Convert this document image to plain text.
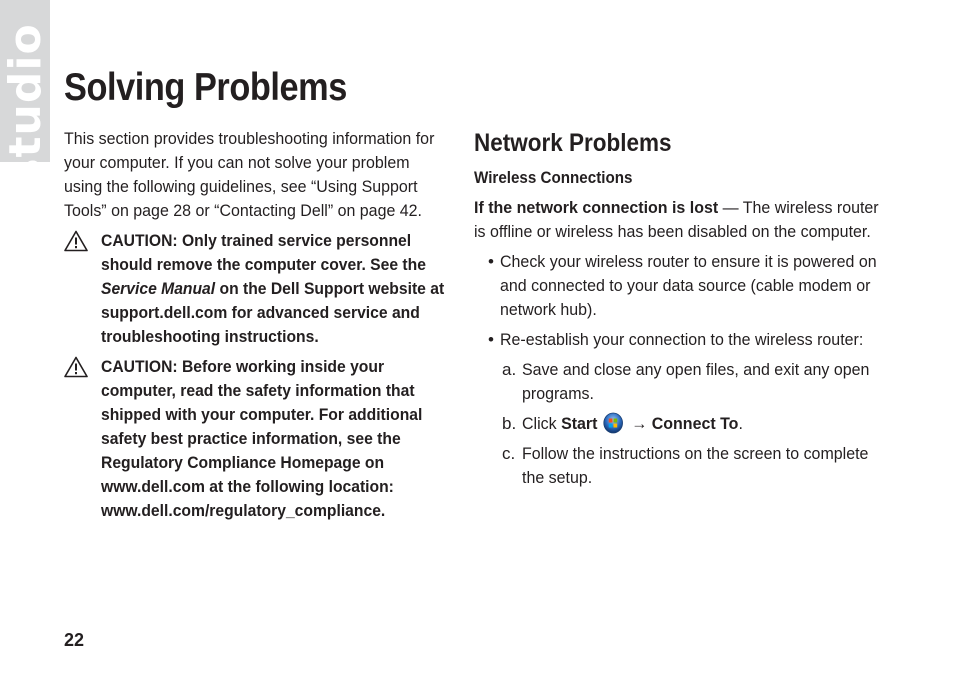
studio Solving Problems

This section provides troubleshooting information for your computer. If you can not solve your problem using the following guidelines, see “Using Support Tools” on page 28 or “Contacting Dell” on page 42.

CAUTION: Only trained service personnel should remove the computer cover. See the Service Manual on the Dell Support website at support.dell.com for advanced service and troubleshooting instructions.

CAUTION: Before working inside your computer, read the safety information that shipped with your computer. For additional safety best practice information, see the Regulatory Compliance Homepage on www.dell.com at the following location: www.dell.com/regulatory_compliance.

Network Problems
Wireless Connections

If the network connection is lost — The wireless router is offline or wireless has been disabled on the computer.

• Check your wireless router to ensure it is powered on and connected to your data source (cable modem or network hub).

• Re-establish your connection to the wireless router:

a. Save and close any open files, and exit any open programs.

b. Click Start → Connect To.

c. Follow the instructions on the screen to complete the setup.

22
